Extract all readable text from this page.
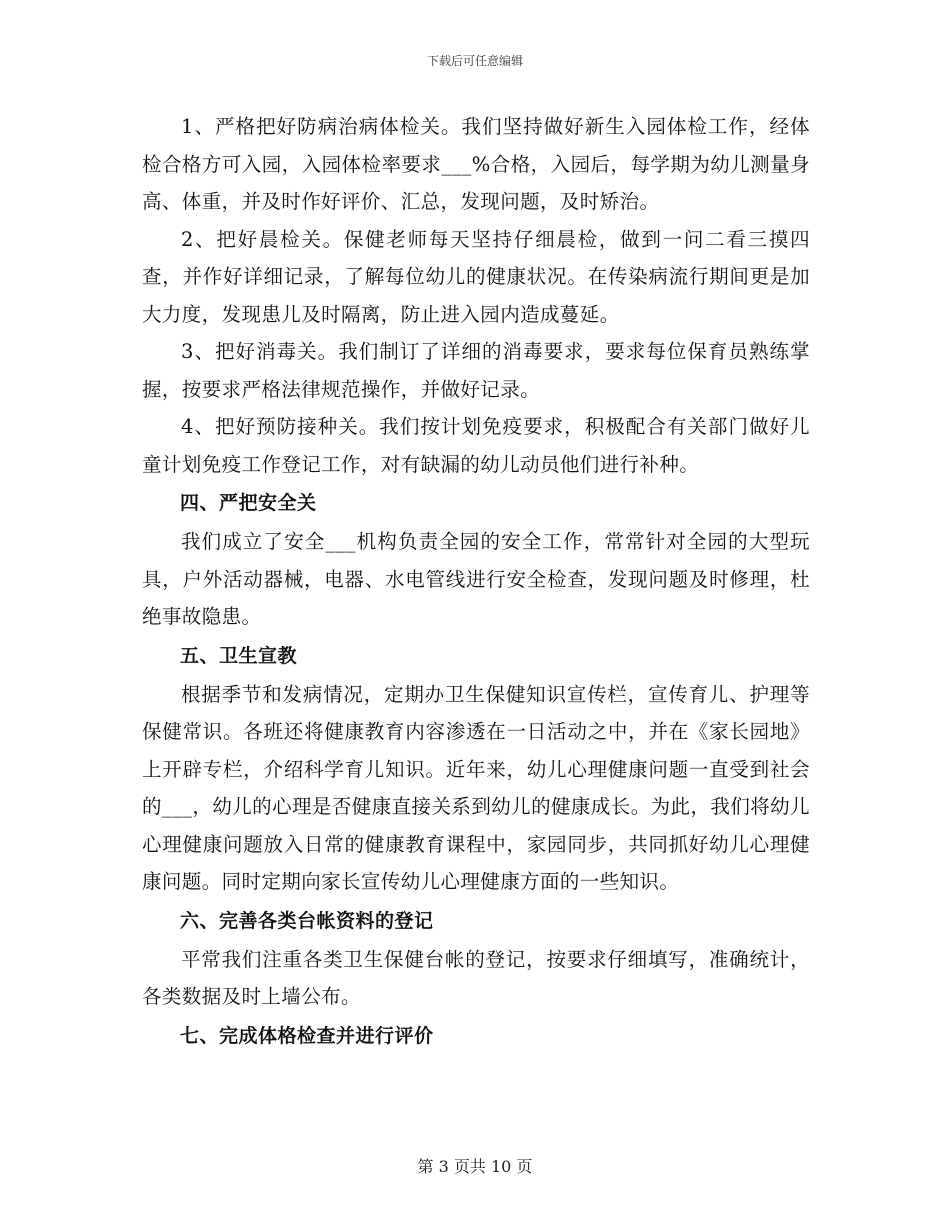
下载后可任意编辑

1、严格把好防病治病体检关。我们坚持做好新生入园体检工作，经体检合格方可入园，入园体检率要求___%合格，入园后，每学期为幼儿测量身高、体重，并及时作好评价、汇总，发现问题，及时矫治。

2、把好晨检关。保健老师每天坚持仔细晨检，做到一问二看三摸四查，并作好详细记录，了解每位幼儿的健康状况。在传染病流行期间更是加大力度，发现患儿及时隔离，防止进入园内造成蔓延。

3、把好消毒关。我们制订了详细的消毒要求，要求每位保育员熟练掌握，按要求严格法律规范操作，并做好记录。

4、把好预防接种关。我们按计划免疫要求，积极配合有关部门做好儿童计划免疫工作登记工作，对有缺漏的幼儿动员他们进行补种。

四、严把安全关

我们成立了安全___机构负责全园的安全工作，常常针对全园的大型玩具，户外活动器械，电器、水电管线进行安全检查，发现问题及时修理，杜绝事故隐患。

五、卫生宣教

根据季节和发病情况，定期办卫生保健知识宣传栏，宣传育儿、护理等保健常识。各班还将健康教育内容渗透在一日活动之中，并在《家长园地》上开辟专栏，介绍科学育儿知识。近年来，幼儿心理健康问题一直受到社会的___，幼儿的心理是否健康直接关系到幼儿的健康成长。为此，我们将幼儿心理健康问题放入日常的健康教育课程中，家园同步，共同抓好幼儿心理健康问题。同时定期向家长宣传幼儿心理健康方面的一些知识。

六、完善各类台帐资料的登记

平常我们注重各类卫生保健台帐的登记，按要求仔细填写，准确统计，各类数据及时上墙公布。

七、完成体格检查并进行评价

第 3 页共 10 页
